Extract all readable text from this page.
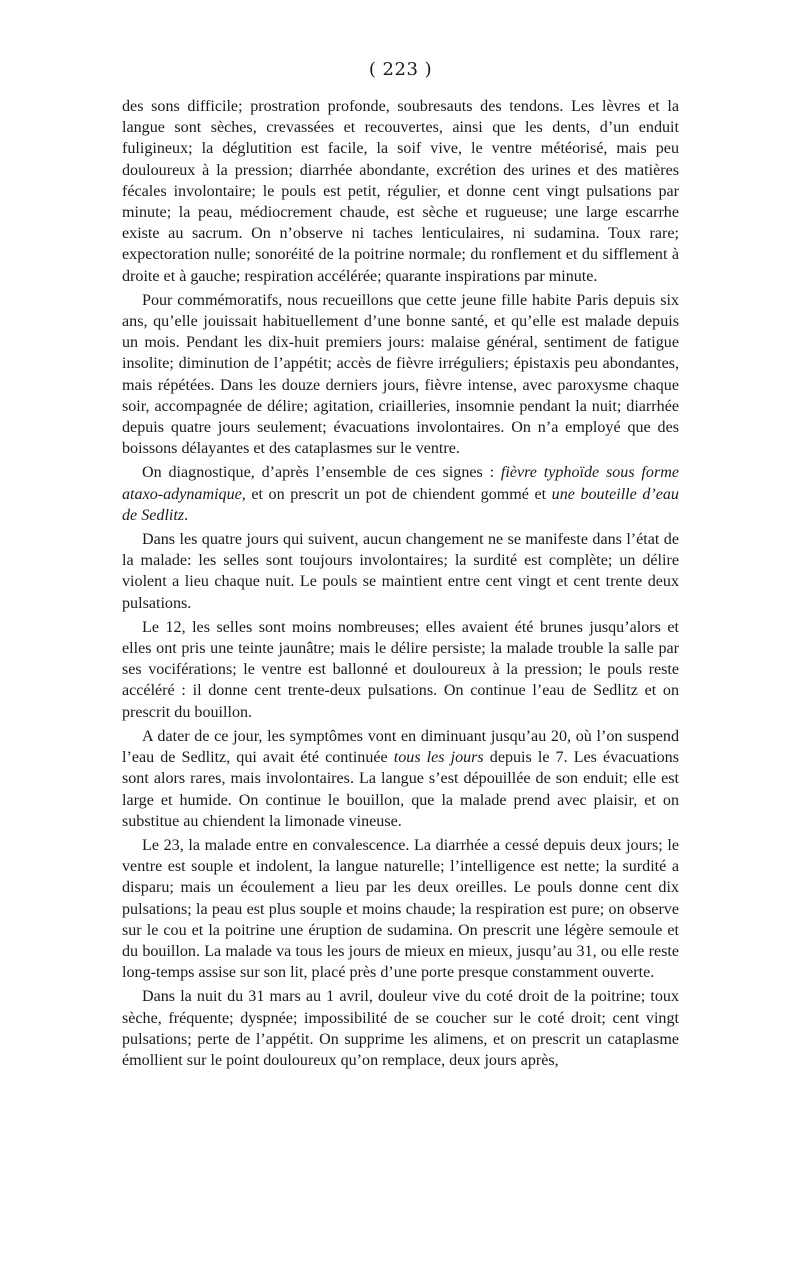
( 223 )

des sons difficile; prostration profonde, soubresauts des tendons. Les lèvres et la langue sont sèches, crevassées et recouvertes, ainsi que les dents, d’un enduit fuligineux; la déglutition est facile, la soif vive, le ventre météorisé, mais peu douloureux à la pression; diarrhée abondante, excrétion des urines et des matières fécales involontaire; le pouls est petit, régulier, et donne cent vingt pulsations par minute; la peau, médiocrement chaude, est sèche et rugueuse; une large escarrhe existe au sacrum. On n’observe ni taches lenticulaires, ni sudamina. Toux rare; expectoration nulle; sonoréité de la poitrine normale; du ronflement et du sifflement à droite et à gauche; respiration accélérée; quarante inspirations par minute.

Pour commémoratifs, nous recueillons que cette jeune fille habite Paris depuis six ans, qu’elle jouissait habituellement d’une bonne santé, et qu’elle est malade depuis un mois. Pendant les dix-huit premiers jours: malaise général, sentiment de fatigue insolite; diminution de l’appétit; accès de fièvre irréguliers; épistaxis peu abondantes, mais répétées. Dans les douze derniers jours, fièvre intense, avec paroxysme chaque soir, accompagnée de délire; agitation, criailleries, insomnie pendant la nuit; diarrhée depuis quatre jours seulement; évacuations involontaires. On n’a employé que des boissons délayantes et des cataplasmes sur le ventre.

On diagnostique, d’après l’ensemble de ces signes : fièvre typhoïde sous forme ataxo-adynamique, et on prescrit un pot de chiendent gommé et une bouteille d’eau de Sedlitz.

Dans les quatre jours qui suivent, aucun changement ne se manifeste dans l’état de la malade: les selles sont toujours involontaires; la surdité est complète; un délire violent a lieu chaque nuit. Le pouls se maintient entre cent vingt et cent trente deux pulsations.

Le 12, les selles sont moins nombreuses; elles avaient été brunes jusqu’alors et elles ont pris une teinte jaunâtre; mais le délire persiste; la malade trouble la salle par ses vociférations; le ventre est ballonné et douloureux à la pression; le pouls reste accéléré : il donne cent trente-deux pulsations. On continue l’eau de Sedlitz et on prescrit du bouillon.

A dater de ce jour, les symptômes vont en diminuant jusqu’au 20, où l’on suspend l’eau de Sedlitz, qui avait été continuée tous les jours depuis le 7. Les évacuations sont alors rares, mais involontaires. La langue s’est dépouillée de son enduit; elle est large et humide. On continue le bouillon, que la malade prend avec plaisir, et on substitue au chiendent la limonade vineuse.

Le 23, la malade entre en convalescence. La diarrhée a cessé depuis deux jours; le ventre est souple et indolent, la langue naturelle; l’intelligence est nette; la surdité a disparu; mais un écoulement a lieu par les deux oreilles. Le pouls donne cent dix pulsations; la peau est plus souple et moins chaude; la respiration est pure; on observe sur le cou et la poitrine une éruption de sudamina. On prescrit une légère semoule et du bouillon. La malade va tous les jours de mieux en mieux, jusqu’au 31, ou elle reste long-temps assise sur son lit, placé près d’une porte presque constamment ouverte.

Dans la nuit du 31 mars au 1 avril, douleur vive du coté droit de la poitrine; toux sèche, fréquente; dyspnée; impossibilité de se coucher sur le coté droit; cent vingt pulsations; perte de l’appétit. On supprime les alimens, et on prescrit un cataplasme émollient sur le point douloureux qu’on remplace, deux jours après,
